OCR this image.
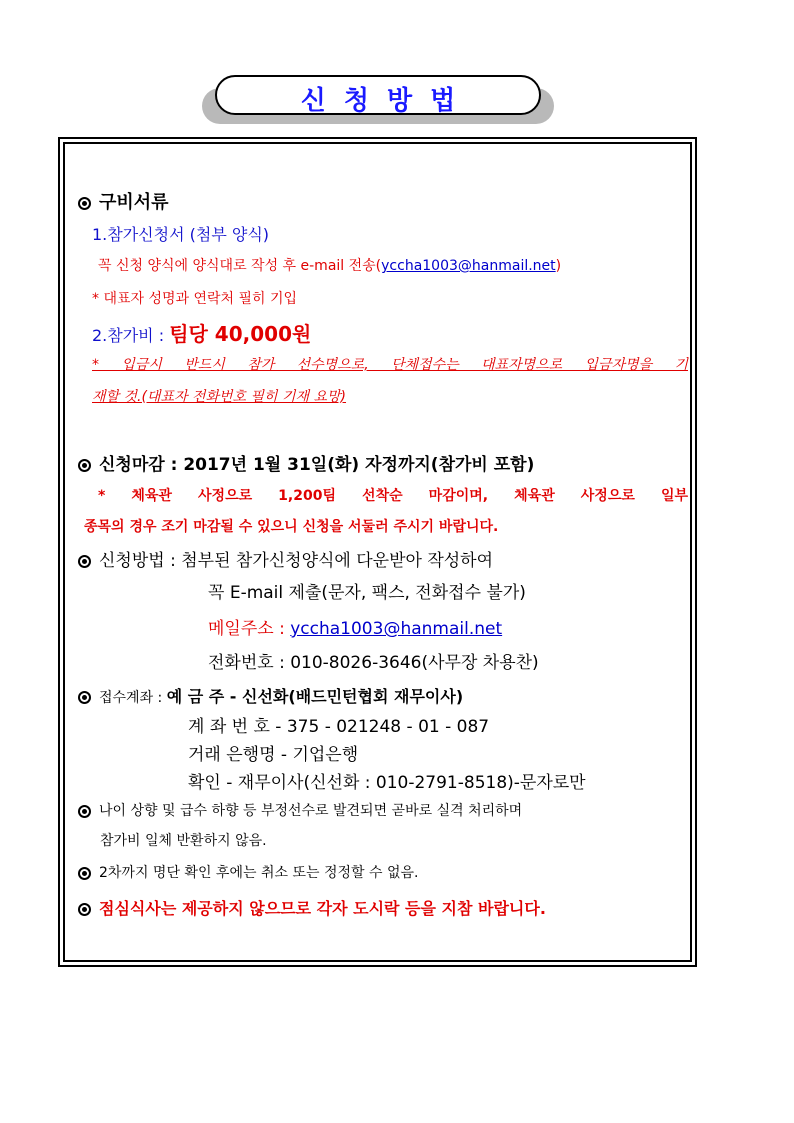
신청방법
구비서류
1.참가신청서 (첨부 양식)
꼭 신청 양식에 양식대로 작성 후 e-mail 전송(yccha1003@hanmail.net)
* 대표자 성명과 연락처 필히 기입
2.참가비 : 팀당 40,000원
* 입금시 반드시 참가 선수명으로, 단체접수는 대표자명으로 입금자명을 기
재할 것.(대표자 전화번호 필히 기재 요망)
신청마감 : 2017년 1월 31일(화) 자정까지(참가비 포함)
* 체육관 사정으로 1,200팀 선착순 마감이며, 체육관 사정으로 일부
종목의 경우 조기 마감될 수 있으니 신청을 서둘러 주시기 바랍니다.
신청방법 : 첨부된 참가신청양식에 다운받아 작성하여
꼭 E-mail 제출(문자, 팩스, 전화접수 불가)
메일주소 : yccha1003@hanmail.net
전화번호 : 010-8026-3646(사무장 차용찬)
접수계좌 : 예 금 주 - 신선화(배드민턴협회 재무이사)
계 좌 번 호 - 375 - 021248 - 01 - 087
거래 은행명 - 기업은행
확인 - 재무이사(신선화 : 010-2791-8518)-문자로만
나이 상향 및 급수 하향 등 부정선수로 발견되면 곧바로 실격 처리하며
참가비 일체 반환하지 않음.
2차까지 명단 확인 후에는 취소 또는 정정할 수 없음.
점심식사는 제공하지 않으므로 각자 도시락 등을 지참 바랍니다.
